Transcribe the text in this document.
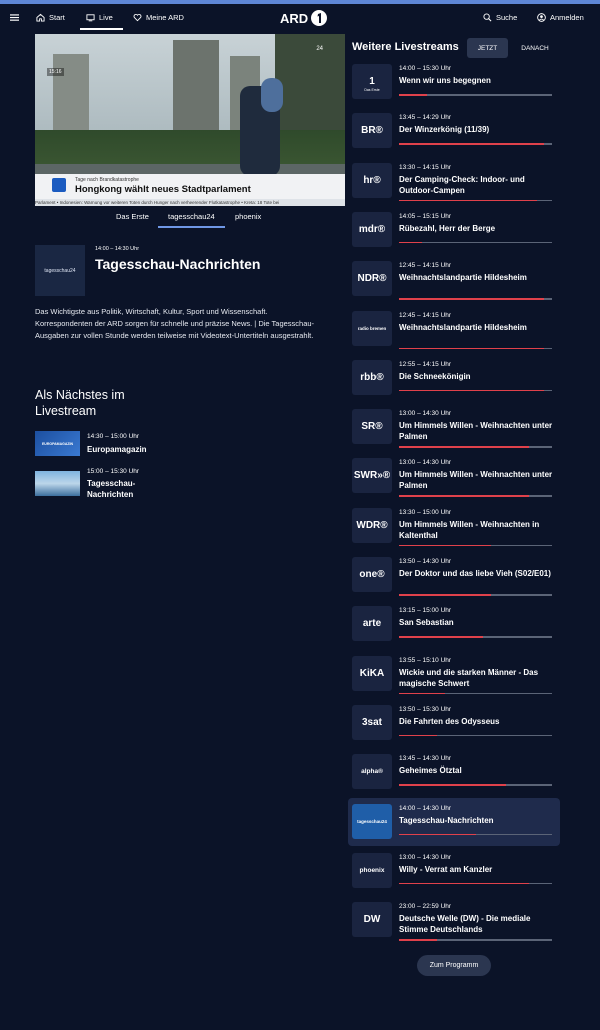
Start	Live	Meine ARD	ARD	Suche	Anmelden
15:16
24
Tage nach Brandkatastrophe
Hongkong wählt neues Stadtparlament
Parlament • Indonesien: Warnung vor weiteren Toten durch Hunger nach verheerender Flutkatastrophe • Kreta: 18 Tote bei
Das Erste	tagesschau24	phoenix
tagesschau24
14:00 – 14:30 Uhr
Tagesschau-Nachrichten
Das Wichtigste aus Politik, Wirtschaft, Kultur, Sport und Wissenschaft. Korrespondenten der ARD sorgen für schnelle und präzise News. | Die Tagesschau-Ausgaben zur vollen Stunde werden teilweise mit Videotext-Untertiteln ausgestrahlt.
Als Nächstes im Livestream
EUROPAMAGAZIN
14:30 – 15:00 Uhr
Europamagazin
15:00 – 15:30 Uhr
Tagesschau-Nachrichten
Weitere Livestreams	JETZT	DANACH
1
Das Erste
14:00 – 15:30 Uhr
Wenn wir uns begegnen
BR®
13:45 – 14:29 Uhr
Der Winzerkönig (11/39)
hr®
13:30 – 14:15 Uhr
Der Camping-Check: Indoor- und Outdoor-Campen
mdr®
14:05 – 15:15 Uhr
Rübezahl, Herr der Berge
NDR®
12:45 – 14:15 Uhr
Weihnachtslandpartie Hildesheim
radio bremen
12:45 – 14:15 Uhr
Weihnachtslandpartie Hildesheim
rbb®
12:55 – 14:15 Uhr
Die Schneekönigin
SR®
13:00 – 14:30 Uhr
Um Himmels Willen - Weihnachten unter Palmen
SWR»®
13:00 – 14:30 Uhr
Um Himmels Willen - Weihnachten unter Palmen
WDR®
13:30 – 15:00 Uhr
Um Himmels Willen - Weihnachten in Kaltenthal
one®
13:50 – 14:30 Uhr
Der Doktor und das liebe Vieh (S02/E01)
arte
13:15 – 15:00 Uhr
San Sebastian
KiKA
13:55 – 15:10 Uhr
Wickie und die starken Männer - Das magische Schwert
3sat
13:50 – 15:30 Uhr
Die Fahrten des Odysseus
alpha®
13:45 – 14:30 Uhr
Geheimes Ötztal
tagesschau24
14:00 – 14:30 Uhr
Tagesschau-Nachrichten
phoenix
13:00 – 14:30 Uhr
Willy - Verrat am Kanzler
DW
23:00 – 22:59 Uhr
Deutsche Welle (DW) - Die mediale Stimme Deutschlands
Zum Programm
